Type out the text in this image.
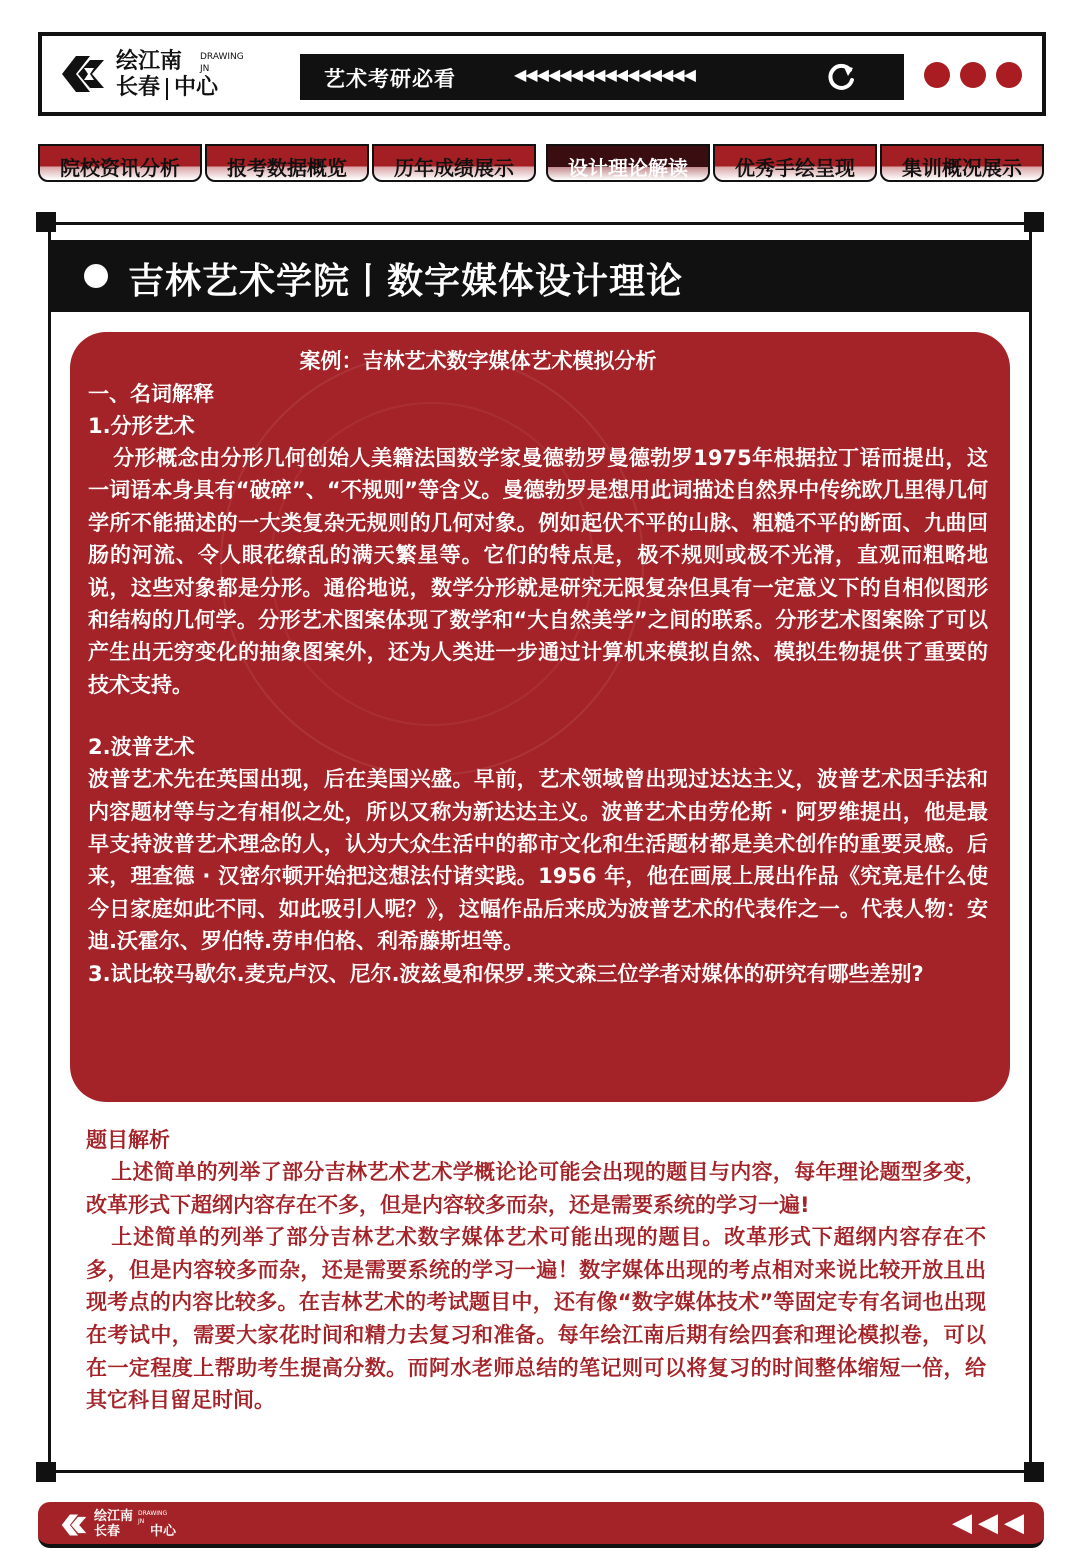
绘江南 DRAWING
JN
长春 中心	艺术考研必看	◀◀◀◀◀◀◀◀◀◀◀◀◀◀◀◀
院校资讯分析	报考数据概览	历年成绩展示	设计理论解读	优秀手绘呈现	集训概况展示
吉林艺术学院丨数字媒体设计理论
案例：吉林艺术数字媒体艺术模拟分析
一、名词解释
1.分形艺术

分形概念由分形几何创始人美籍法国数学家曼德勃罗曼德勃罗1975年根据拉丁语而提出，这一词语本身具有“破碎”、“不规则”等含义。曼德勃罗是想用此词描述自然界中传统欧几里得几何学所不能描述的一大类复杂无规则的几何对象。例如起伏不平的山脉、粗糙不平的断面、九曲回肠的河流、令人眼花缭乱的满天繁星等。它们的特点是，极不规则或极不光滑，直观而粗略地说，这些对象都是分形。通俗地说，数学分形就是研究无限复杂但具有一定意义下的自相似图形和结构的几何学。分形艺术图案体现了数学和“大自然美学”之间的联系。分形艺术图案除了可以产生出无穷变化的抽象图案外，还为人类进一步通过计算机来模拟自然、模拟生物提供了重要的技术支持。

2.波普艺术

波普艺术先在英国出现，后在美国兴盛。早前，艺术领域曾出现过达达主义，波普艺术因手法和内容题材等与之有相似之处，所以又称为新达达主义。波普艺术由劳伦斯 · 阿罗维提出，他是最早支持波普艺术理念的人，认为大众生活中的都市文化和生活题材都是美术创作的重要灵感。后来，理查德 · 汉密尔顿开始把这想法付诸实践。1956 年，他在画展上展出作品《究竟是什么使今日家庭如此不同、如此吸引人呢？》，这幅作品后来成为波普艺术的代表作之一。代表人物：安迪.沃霍尔、罗伯特.劳申伯格、利希藤斯坦等。

3.试比较马歇尔.麦克卢汉、尼尔.波兹曼和保罗.莱文森三位学者对媒体的研究有哪些差别?

题目解析

上述简单的列举了部分吉林艺术艺术学概论论可能会出现的题目与内容，每年理论题型多变，改革形式下超纲内容存在不多，但是内容较多而杂，还是需要系统的学习一遍!

上述简单的列举了部分吉林艺术数字媒体艺术可能出现的题目。改革形式下超纲内容存在不多，但是内容较多而杂，还是需要系统的学习一遍！数字媒体出现的考点相对来说比较开放且出现考点的内容比较多。在吉林艺术的考试题目中，还有像“数字媒体技术”等固定专有名词也出现在考试中，需要大家花时间和精力去复习和准备。每年绘江南后期有绘四套和理论模拟卷，可以在一定程度上帮助考生提高分数。而阿水老师总结的笔记则可以将复习的时间整体缩短一倍，给其它科目留足时间。

绘江南 DRAWING
JN
长春 中心	◀◀◀
